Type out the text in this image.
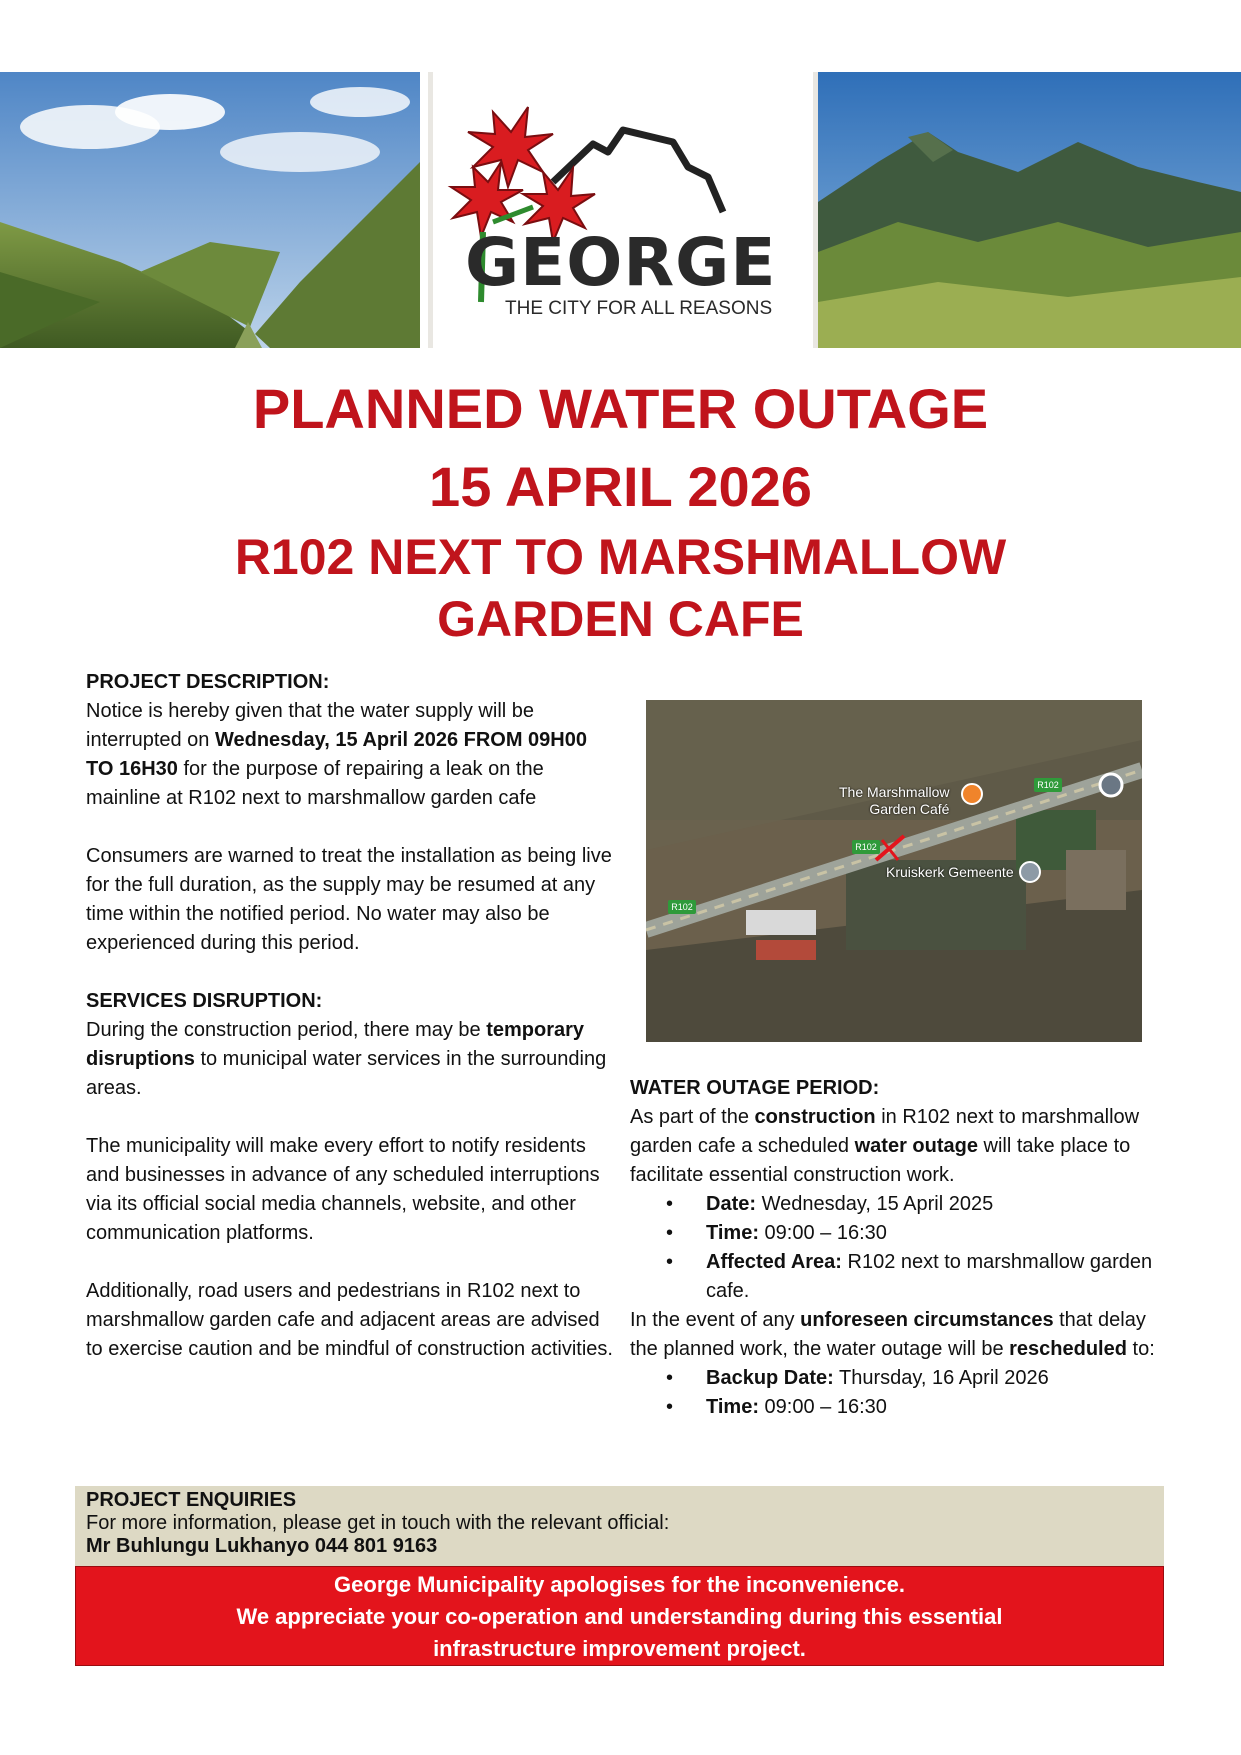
GEORGE
THE CITY FOR ALL REASONS
PLANNED WATER OUTAGE
15 APRIL 2026
R102 NEXT TO MARSHMALLOW
GARDEN CAFE

PROJECT DESCRIPTION:

Notice is hereby given that the water supply will be interrupted on Wednesday, 15 April 2026 FROM 09H00 TO 16H30 for the purpose of repairing a leak on the mainline at R102 next to marshmallow garden cafe

Consumers are warned to treat the installation as being live for the full duration, as the supply may be resumed at any time within the notified period. No water may also be experienced during this period.

SERVICES DISRUPTION:

During the construction period, there may be temporary disruptions to municipal water services in the surrounding areas.

The municipality will make every effort to notify residents and businesses in advance of any scheduled interruptions via its official social media channels, website, and other communication platforms.

Additionally, road users and pedestrians in R102 next to marshmallow garden cafe and adjacent areas are advised to exercise caution and be mindful of construction activities.

The Marshmallow
Garden Café
Kruiskerk Gemeente
R102
R102
R102

WATER OUTAGE PERIOD:

As part of the construction in R102 next to marshmallow garden cafe a scheduled water outage will take place to facilitate essential construction work.

• Date: Wednesday, 15 April 2025
• Time: 09:00 – 16:30
• Affected Area: R102 next to marshmallow garden cafe.

In the event of any unforeseen circumstances that delay the planned work, the water outage will be rescheduled to:

• Backup Date: Thursday, 16 April 2026
• Time: 09:00 – 16:30
PROJECT ENQUIRIES
For more information, please get in touch with the relevant official:
Mr Buhlungu Lukhanyo 044 801 9163
George Municipality apologises for the inconvenience.
We appreciate your co-operation and understanding during this essential
infrastructure improvement project.
